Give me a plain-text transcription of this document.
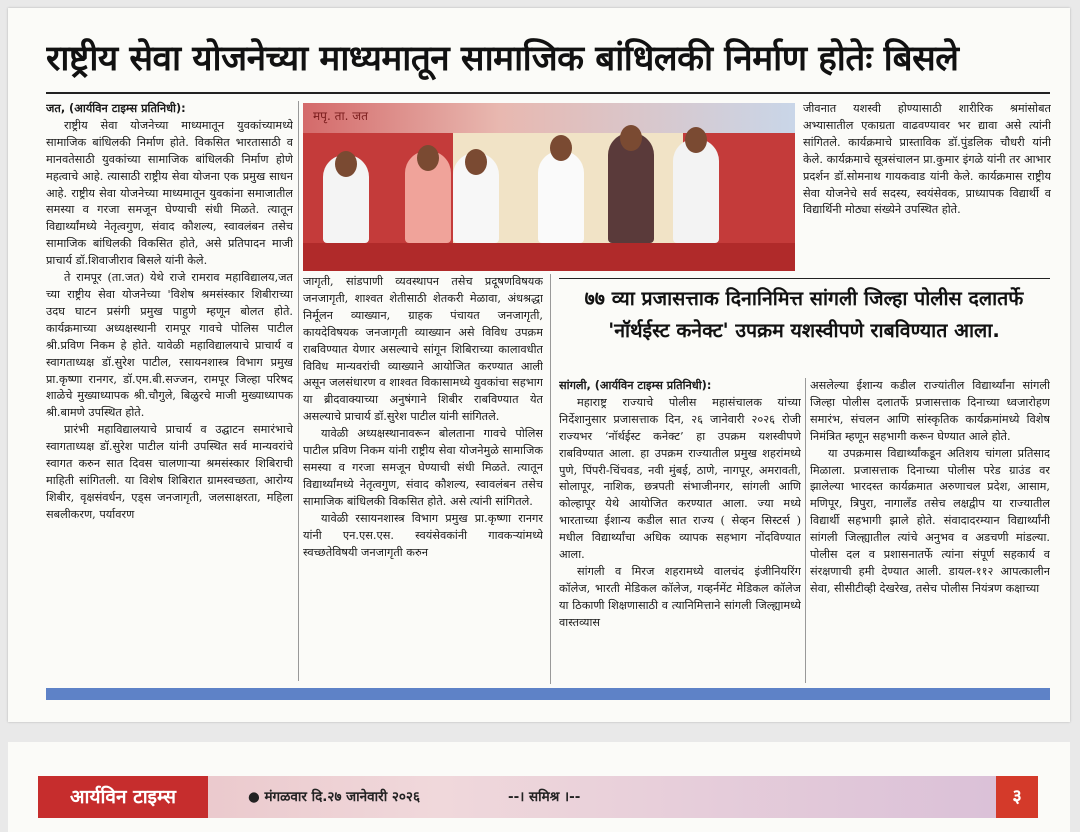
राष्ट्रीय सेवा योजनेच्या माध्यमातून सामाजिक बांधिलकी निर्माण होतेः बिसले

जत, (आर्यविन टाइम्स प्रतिनिधी):

राष्ट्रीय सेवा योजनेच्या माध्यमातून युवकांच्यामध्ये सामाजिक बांधिलकी निर्माण होते. विकसित भारतासाठी व मानवतेसाठी युवकांच्या सामाजिक बांधिलकी निर्माण होणे महत्वाचे आहे. त्यासाठी राष्ट्रीय सेवा योजना एक प्रमुख साधन आहे. राष्ट्रीय सेवा योजनेच्या माध्यमातून युवकांना समाजातील समस्या व गरजा समजून घेण्याची संधी मिळते. त्यातून विद्यार्थ्यांमध्ये नेतृत्वगुण, संवाद कौशल्य, स्वावलंबन तसेच सामाजिक बांधिलकी विकसित होते, असे प्रतिपादन माजी प्राचार्य डॉ.शिवाजीराव बिसले यांनी केले.

ते रामपूर (ता.जत) येथे राजे रामराव महाविद्यालय,जत च्या राष्ट्रीय सेवा योजनेच्या 'विशेष श्रमसंस्कार शिबीराच्या उदघ घाटन प्रसंगी प्रमुख पाहुणे म्हणून बोलत होते. कार्यक्रमाच्या अध्यक्षस्थानी रामपूर गावचे पोलिस पाटील श्री.प्रविण निकम हे होते. यावेळी महाविद्यालयाचे प्राचार्य व स्वागताध्यक्ष डॉ.सुरेश पाटील, रसायनशास्त्र विभाग प्रमुख प्रा.कृष्णा रानगर, डॉ.एम.बी.सज्जन, रामपूर जिल्हा परिषद शाळेचे मुख्याध्यापक श्री.चौगुले, बिळुरचे माजी मुख्याध्यापक श्री.बामणे उपस्थित होते.

प्रारंभी महाविद्यालयाचे प्राचार्य व उद्घाटन समारंभाचे स्वागताध्यक्ष डॉ.सुरेश पाटील यांनी उपस्थित सर्व मान्यवरांचे स्वागत करुन सात दिवस चालणाऱ्या श्रमसंस्कार शिबिराची माहिती सांगितली. या विशेष शिबिरात ग्रामस्वच्छता, आरोग्य शिबीर, वृक्षसंवर्धन, एड्स जनजागृती, जलसाक्षरता, महिला सबलीकरण, पर्यावरण

मपृ. ता. जत

जागृती, सांडपाणी व्यवस्थापन तसेच प्रदूषणविषयक जनजागृती, शाश्वत शेतीसाठी शेतकरी मेळावा, अंधश्रद्धा निर्मूलन व्याख्यान, ग्राहक पंचायत जनजागृती, कायदेविषयक जनजागृती व्याख्यान असे विविध उपक्रम राबविण्यात येणार असल्याचे सांगून शिबिराच्या कालावधीत विविध मान्यवरांची व्याख्याने आयोजित करण्यात आली असून जलसंधारण व शाश्वत विकासामध्ये युवकांचा सहभाग या ब्रीदवाक्याच्या अनुषंगाने शिबीर राबविण्यात येत असल्याचे प्राचार्य डॉ.सुरेश पाटील यांनी सांगितले.

यावेळी अध्यक्षस्थानावरून बोलताना गावचे पोलिस पाटील प्रविण निकम यांनी राष्ट्रीय सेवा योजनेमुळे सामाजिक समस्या व गरजा समजून घेण्याची संधी मिळते. त्यातून विद्यार्थ्यांमध्ये नेतृत्वगुण, संवाद कौशल्य, स्वावलंबन तसेच सामाजिक बांधिलकी विकसित होते. असे त्यांनी सांगितले.

यावेळी रसायनशास्त्र विभाग प्रमुख प्रा.कृष्णा रानगर यांनी एन.एस.एस. स्वयंसेवकांनी गावकऱ्यांमध्ये स्वच्छतेविषयी जनजागृती करुन

जीवनात यशस्वी होण्यासाठी शारीरिक श्रमांसोबत अभ्यासातील एकाग्रता वाढवण्यावर भर द्यावा असे त्यांनी सांगितले. कार्यक्रमाचे प्रास्ताविक डॉ.पुंडलिक चौधरी यांनी केले. कार्यक्रमाचे सूत्रसंचालन प्रा.कुमार इंगळे यांनी तर आभार प्रदर्शन डॉ.सोमनाथ गायकवाड यांनी केले. कार्यक्रमास राष्ट्रीय सेवा योजनेचे सर्व सदस्य, स्वयंसेवक, प्राध्यापक विद्यार्थी व विद्यार्थिनी मोठ्या संख्येने उपस्थित होते.

७७ व्या प्रजासत्ताक दिनानिमित्त सांगली जिल्हा पोलीस दलातर्फे
'नॉर्थईस्ट कनेक्ट' उपक्रम यशस्वीपणे राबविण्यात आला.

सांगली, (आर्यविन टाइम्स प्रतिनिधी):

महाराष्ट्र राज्याचे पोलीस महासंचालक यांच्या निर्देशानुसार प्रजासत्ताक दिन, २६ जानेवारी २०२६ रोजी राज्यभर ‘नॉर्थईस्ट कनेक्ट’ हा उपक्रम यशस्वीपणे राबविण्यात आला. हा उपक्रम राज्यातील प्रमुख शहरांमध्ये पुणे, पिंपरी-चिंचवड, नवी मुंबई, ठाणे, नागपूर, अमरावती, सोलापूर, नाशिक, छत्रपती संभाजीनगर, सांगली आणि कोल्हापूर येथे आयोजित करण्यात आला. ज्या मध्ये भारताच्या ईशान्य कडील सात राज्य ( सेव्हन सिस्टर्स ) मधील विद्यार्थ्यांचा अधिक व्यापक सहभाग नोंदविण्यात आला.

सांगली व मिरज शहरामध्ये वालचंद इंजीनियरिंग कॉलेज, भारती मेडिकल कॉलेज, गव्हर्नमेंट मेडिकल कॉलेज या ठिकाणी शिक्षणासाठी व त्यानिमित्ताने सांगली जिल्ह्यामध्ये वास्तव्यास

असलेल्या ईशान्य कडील राज्यांतील विद्यार्थ्यांना सांगली जिल्हा पोलीस दलातर्फे प्रजासत्ताक दिनाच्या ध्वजारोहण समारंभ, संचलन आणि सांस्कृतिक कार्यक्रमांमध्ये विशेष निमंत्रित म्हणून सहभागी करून घेण्यात आले होते.

या उपक्रमास विद्यार्थ्यांकडून अतिशय चांगला प्रतिसाद मिळाला. प्रजासत्ताक दिनाच्या पोलीस परेड ग्राउंड वर झालेल्या भारदस्त कार्यक्रमात अरुणाचल प्रदेश, आसाम, मणिपूर, त्रिपुरा, नागालँड तसेच लक्षद्वीप या राज्यातील विद्यार्थी सहभागी झाले होते. संवादादरम्यान विद्यार्थ्यांनी सांगली जिल्ह्यातील त्यांचे अनुभव व अडचणी मांडल्या. पोलीस दल व प्रशासनातर्फे त्यांना संपूर्ण सहकार्य व संरक्षणाची हमी देण्यात आली. डायल-११२ आपत्कालीन सेवा, सीसीटीव्ही देखरेख, तसेच पोलीस नियंत्रण कक्षाच्या

आर्यविन टाइम्स	● मंगळवार दि.२७ जानेवारी २०२६	--। समिश्र ।--	३
